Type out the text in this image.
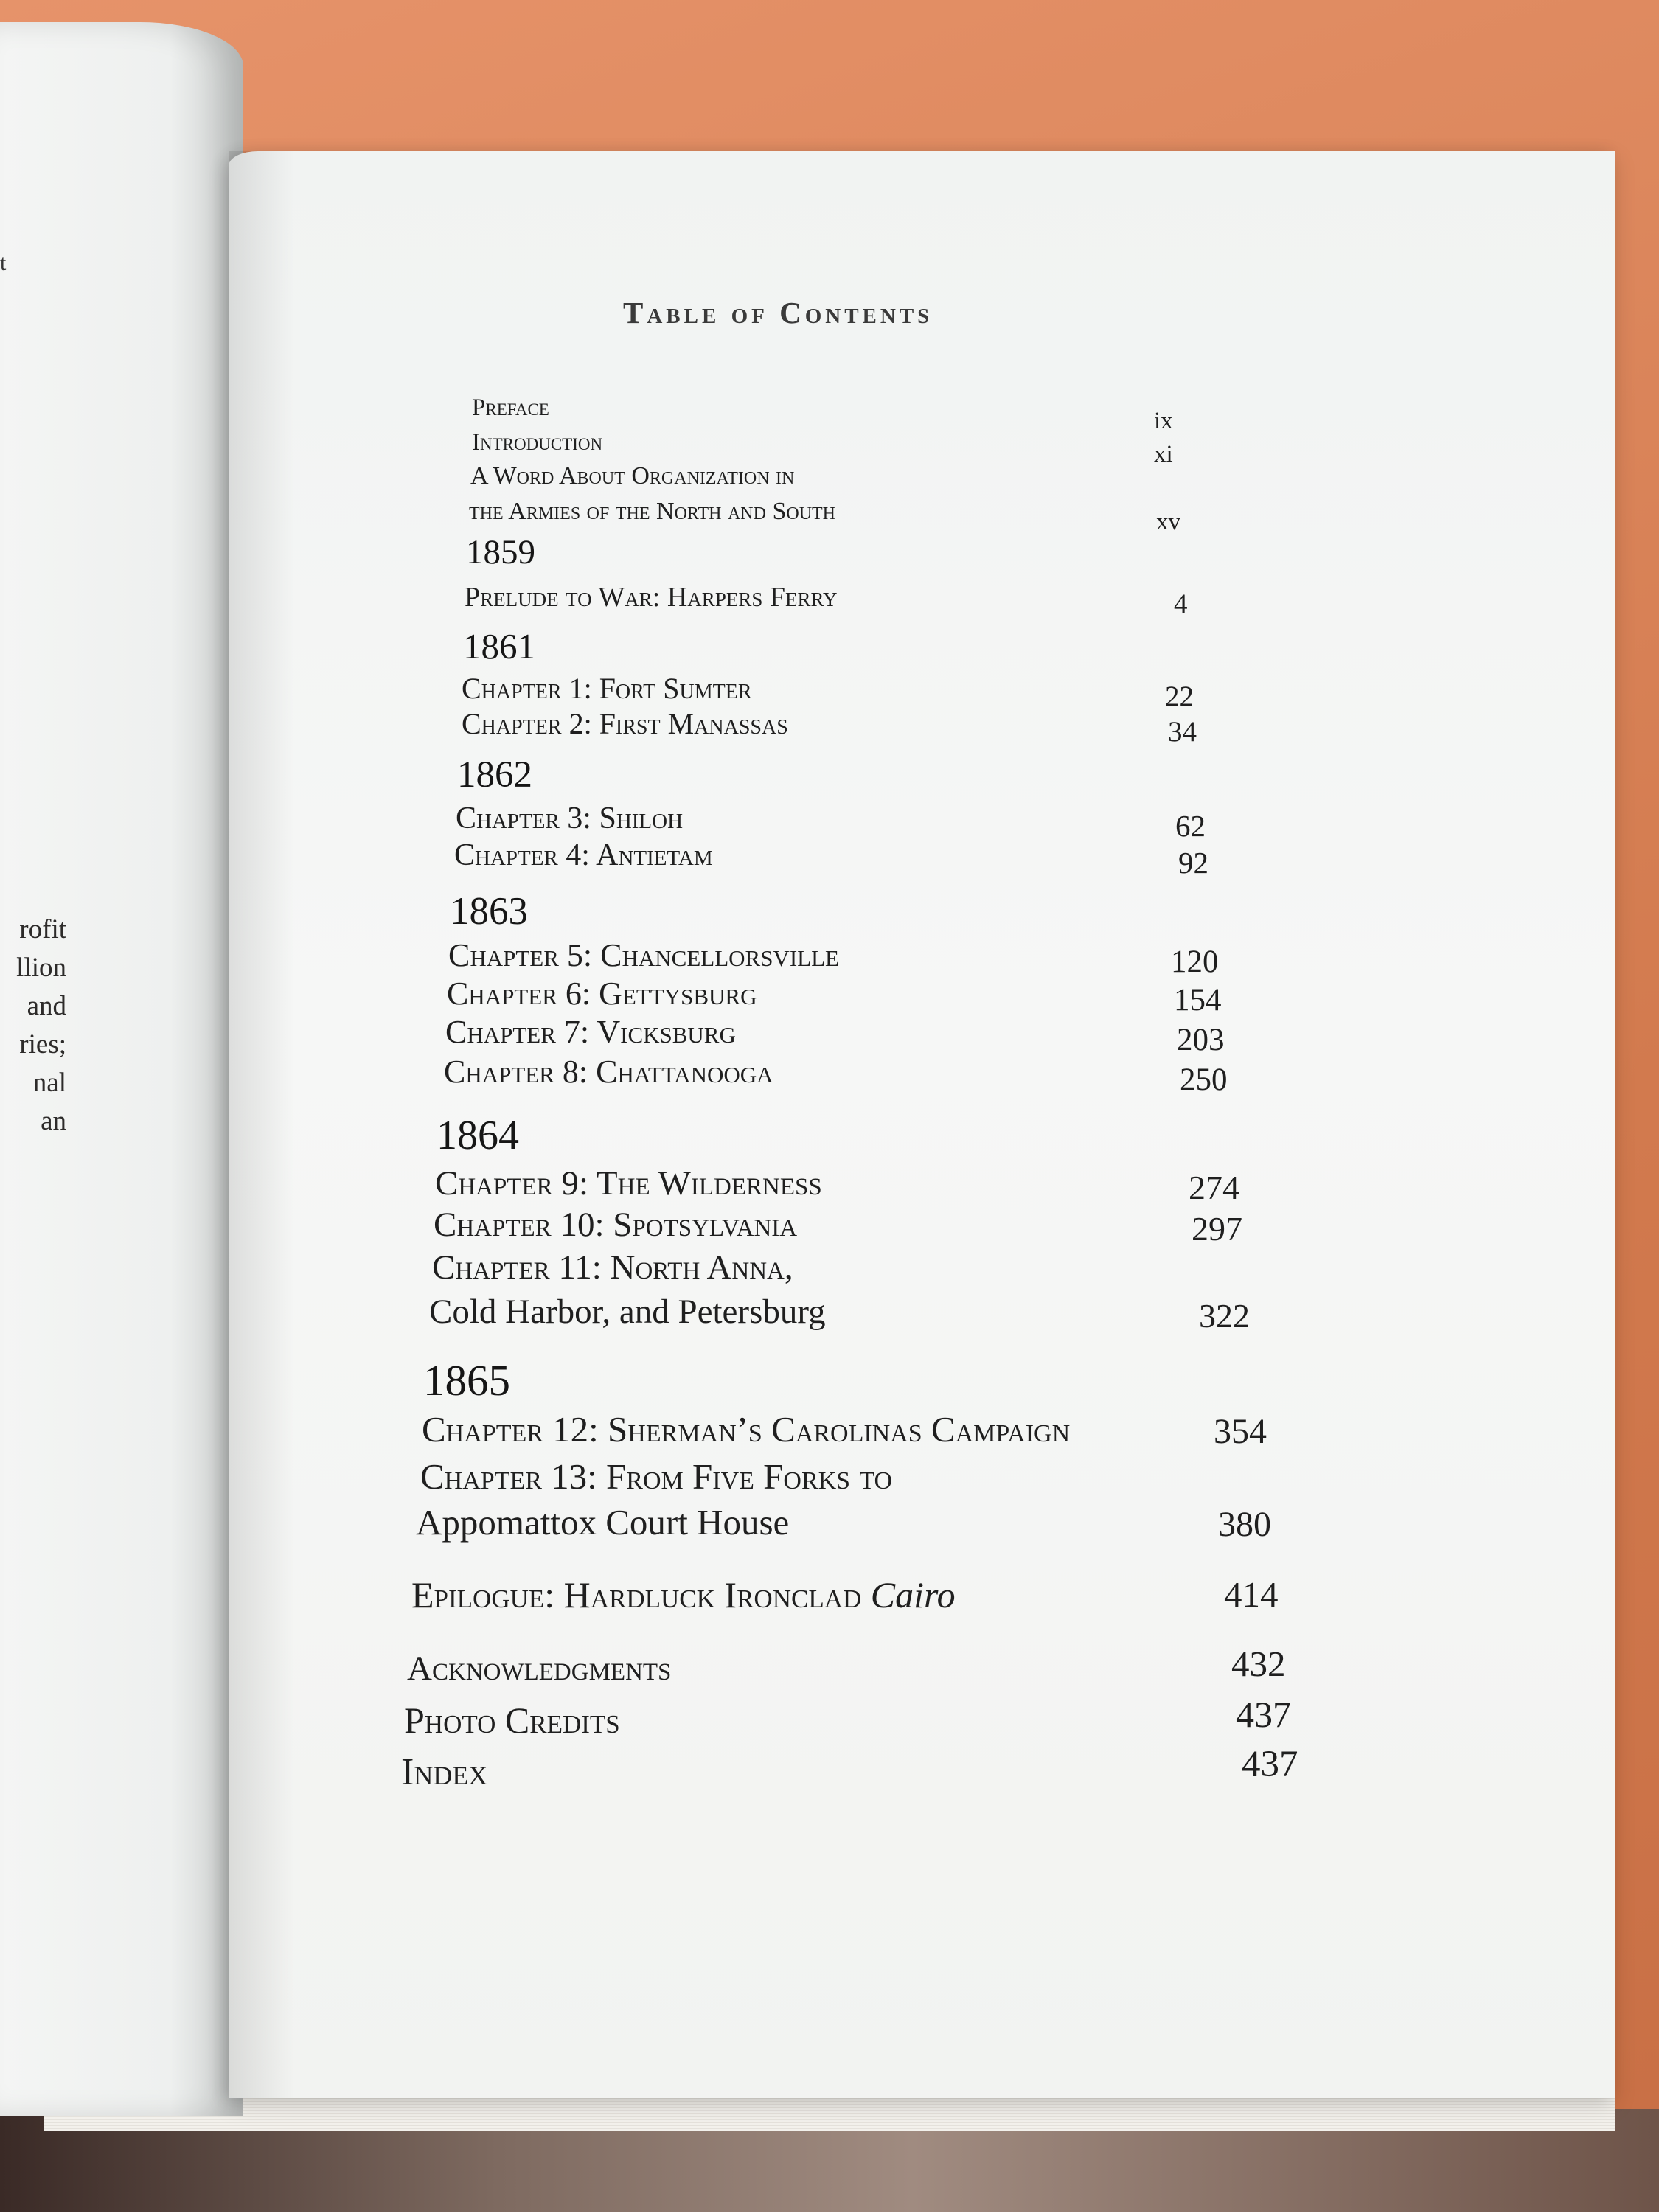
t
rofit
llion
and
ries;
nal
an
Table of Contents
Preface	ix
Introduction	xi
A Word About Organization in
the Armies of the North and South	xv
1859
Prelude to War: Harpers Ferry	4
1861
Chapter 1: Fort Sumter	22
Chapter 2: First Manassas	34
1862
Chapter 3: Shiloh	62
Chapter 4: Antietam	92
1863
Chapter 5: Chancellorsville	120
Chapter 6: Gettysburg	154
Chapter 7: Vicksburg	203
Chapter 8: Chattanooga	250
1864
Chapter 9: The Wilderness	274
Chapter 10: Spotsylvania	297
Chapter 11: North Anna,
Cold Harbor, and Petersburg	322
1865
Chapter 12: Sherman’s Carolinas Campaign	354
Chapter 13: From Five Forks to
Appomattox Court House	380
Epilogue: Hardluck Ironclad Cairo	414
Acknowledgments	432
Photo Credits	437
Index	437
